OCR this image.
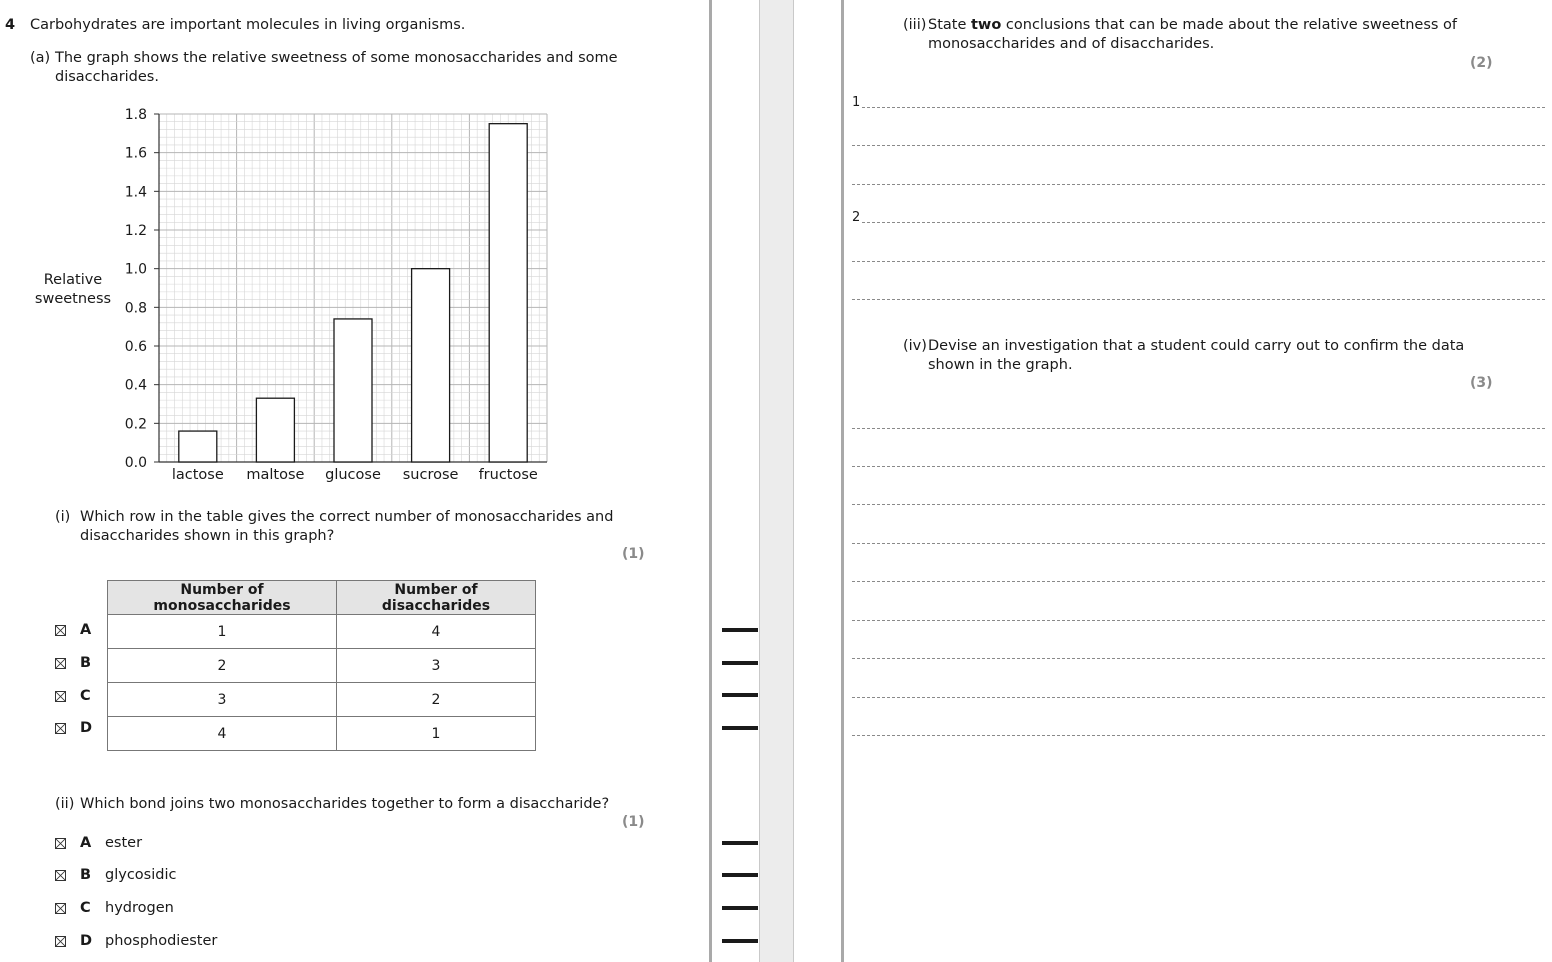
4 Carbohydrates are important molecules in living organisms.
(a) The graph shows the relative sweetness of some monosaccharides and some
disaccharides.
0.0
0.2
0.4
0.6
0.8
1.0
1.2
1.4
1.6
1.8
lactose maltose glucose sucrose fructose
Relative
sweetness
(i) Which row in the table gives the correct number of monosaccharides and
disaccharides shown in this graph?
(1)
Number of monosaccharides	Number of disaccharides
1	4
2	3
3	2
4	1
A
B
C
D
(ii) Which bond joins two monosaccharides together to form a disaccharide?
(1)
A ester
B glycosidic
C hydrogen
D phosphodiester
(iii) State two conclusions that can be made about the relative sweetness of
monosaccharides and of disaccharides.
(2)
1
2
(iv) Devise an investigation that a student could carry out to confirm the data
shown in the graph.
(3)
